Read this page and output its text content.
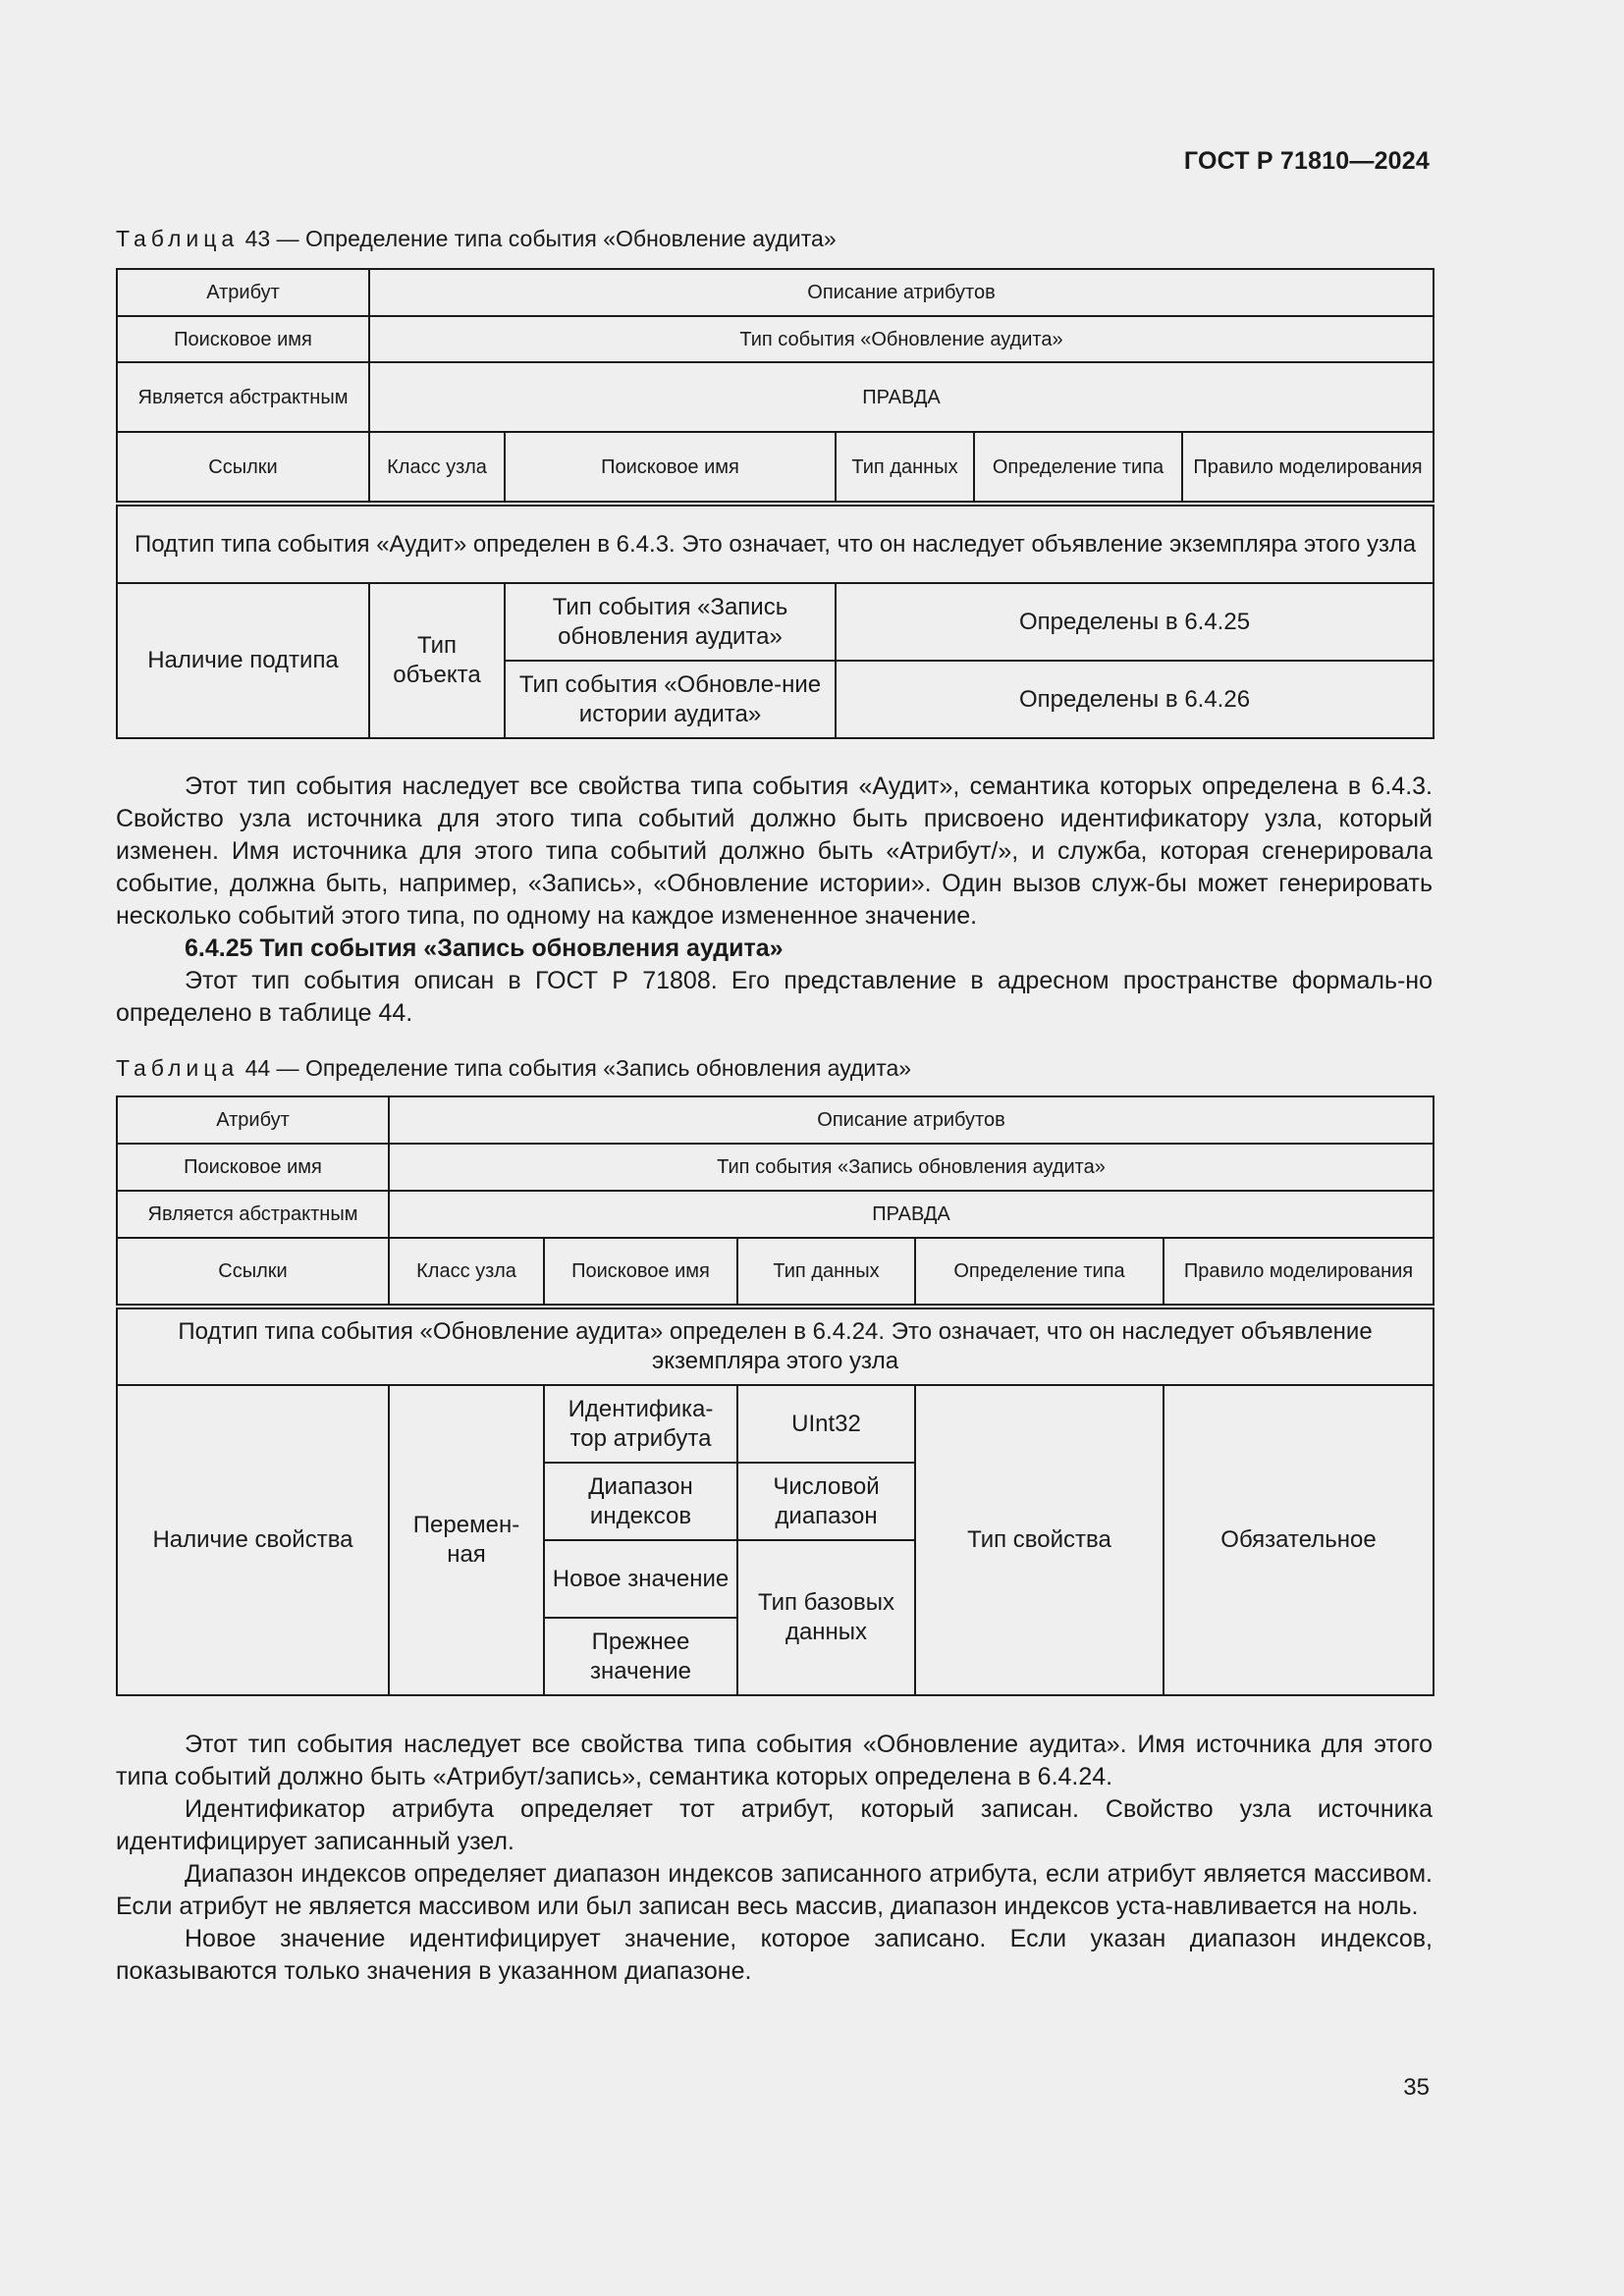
ГОСТ Р 71810—2024
Таблица 43 — Определение типа события «Обновление аудита»
Атрибут	Описание атрибутов				
Поисковое имя	Тип события «Обновление аудита»				
Является абстрактным	ПРАВДА				
Ссылки	Класс узла	Поисковое имя	Тип данных	Определение типа	Правило моделирования
Подтип типа события «Аудит» определен в 6.4.3. Это означает, что он наследует объявление экземпляра этого узла					
Наличие подтипа	Тип объекта	Тип события «Запись обновления аудита»	Определены в 6.4.25		
		Тип события «Обновле-ние истории аудита»	Определены в 6.4.26		

Этот тип события наследует все свойства типа события «Аудит», семантика которых определена в 6.4.3. Свойство узла источника для этого типа событий должно быть присвоено идентификатору узла, который изменен. Имя источника для этого типа событий должно быть «Атрибут/», и служба, которая сгенерировала событие, должна быть, например, «Запись», «Обновление истории». Один вызов служ-бы может генерировать несколько событий этого типа, по одному на каждое измененное значение.

6.4.25 Тип события «Запись обновления аудита»

Этот тип события описан в ГОСТ Р 71808. Его представление в адресном пространстве формаль-но определено в таблице 44.

Таблица 44 — Определение типа события «Запись обновления аудита»
Атрибут	Описание атрибутов				
Поисковое имя	Тип события «Запись обновления аудита»				
Является абстрактным	ПРАВДА				
Ссылки	Класс узла	Поисковое имя	Тип данных	Определение типа	Правило моделирования
Подтип типа события «Обновление аудита» определен в 6.4.24. Это означает, что он наследует объявление экземпляра этого узла					
Наличие свойства	Перемен-ная	Идентифика-тор атрибута	UInt32	Тип свойства	Обязательное
		Диапазон индексов	Числовой диапазон		
		Новое значение	Тип базовых данных		
		Прежнее значение			

Этот тип события наследует все свойства типа события «Обновление аудита». Имя источника для этого типа событий должно быть «Атрибут/запись», семантика которых определена в 6.4.24.

Идентификатор атрибута определяет тот атрибут, который записан. Свойство узла источника идентифицирует записанный узел.

Диапазон индексов определяет диапазон индексов записанного атрибута, если атрибут является массивом. Если атрибут не является массивом или был записан весь массив, диапазон индексов уста-навливается на ноль.

Новое значение идентифицирует значение, которое записано. Если указан диапазон индексов, показываются только значения в указанном диапазоне.

35
